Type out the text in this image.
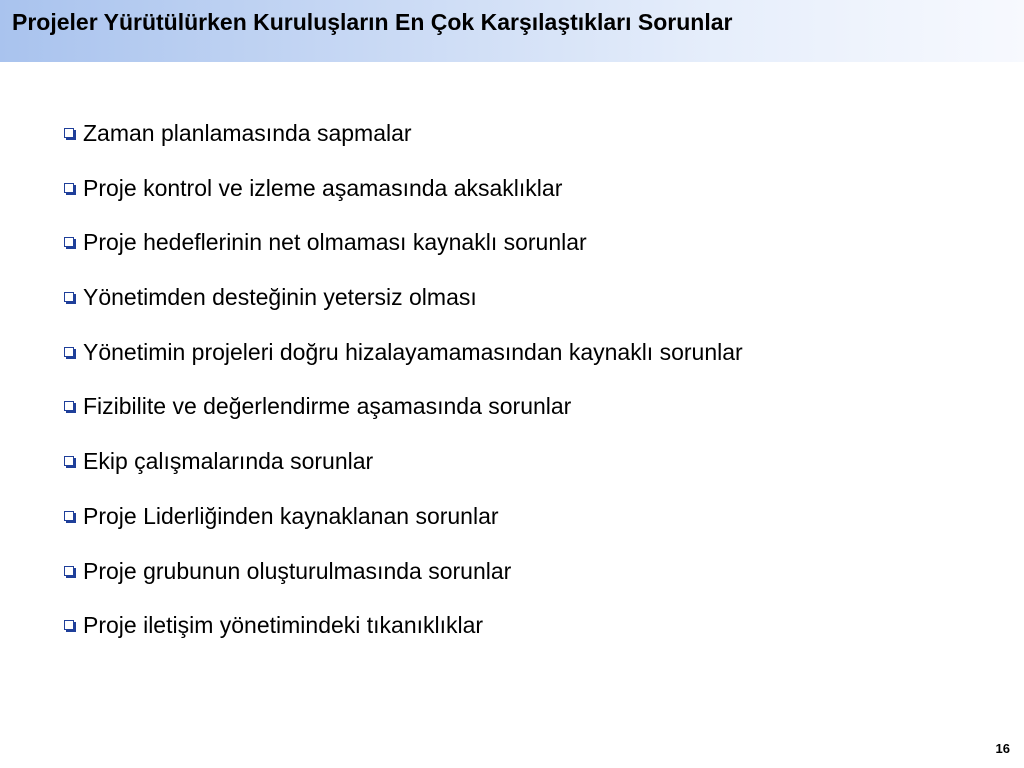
Projeler Yürütülürken Kuruluşların En Çok Karşılaştıkları Sorunlar
Zaman planlamasında sapmalar
Proje kontrol ve izleme aşamasında aksaklıklar
Proje hedeflerinin net olmaması kaynaklı sorunlar
Yönetimden desteğinin yetersiz olması
Yönetimin projeleri doğru hizalayamamasından kaynaklı sorunlar
Fizibilite ve değerlendirme aşamasında sorunlar
Ekip çalışmalarında sorunlar
Proje Liderliğinden kaynaklanan sorunlar
Proje grubunun oluşturulmasında sorunlar
Proje iletişim yönetimindeki tıkanıklıklar
16
